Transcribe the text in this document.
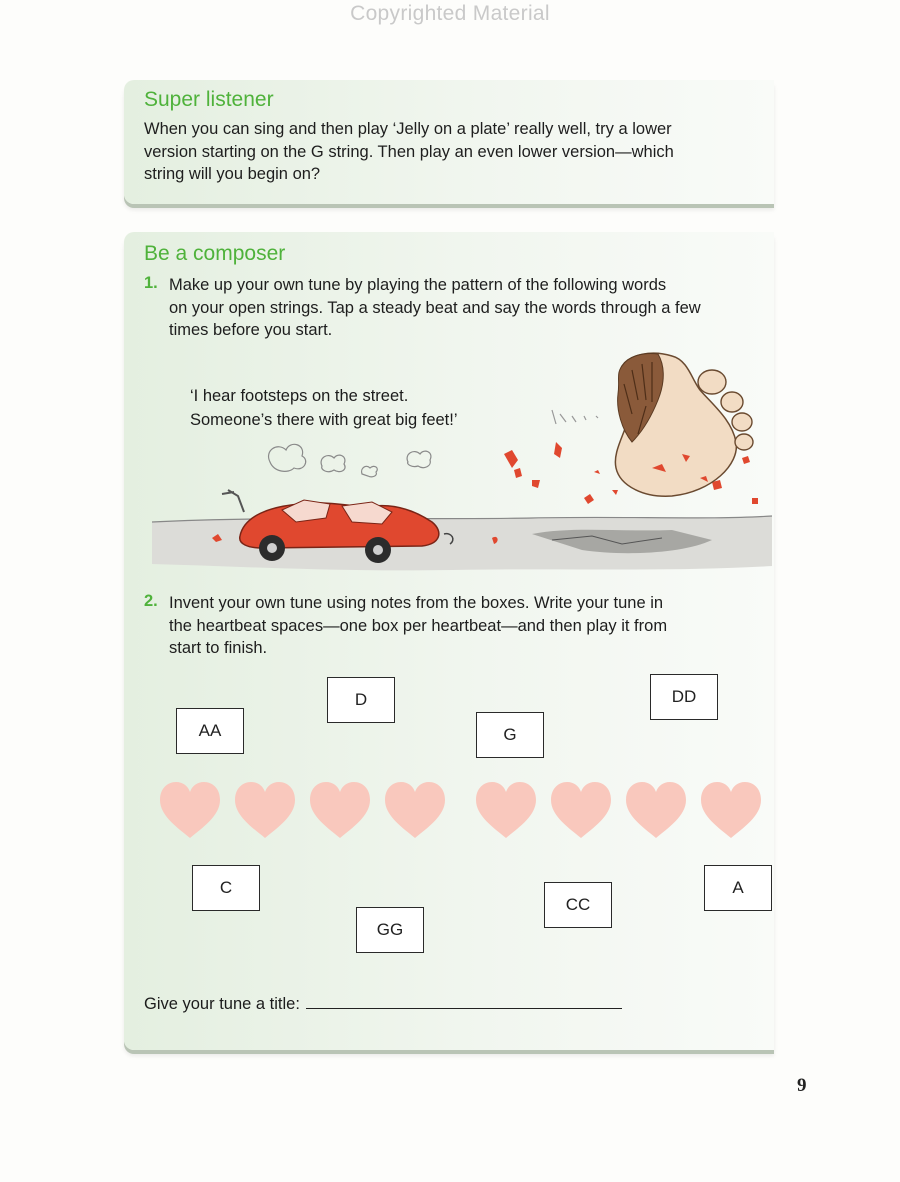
Copyrighted Material
Super listener

When you can sing and then play ‘Jelly on a plate’ really well, try a lower
version starting on the G string. Then play an even lower version—which
string will you begin on?

Be a composer
1. Make up your own tune by playing the pattern of the following words
on your open strings. Tap a steady beat and say the words through a few
times before you start.

‘I hear footsteps on the street.
Someone’s there with great big feet!’

2. Invent your own tune using notes from the boxes. Write your tune in
the heartbeat spaces—one box per heartbeat—and then play it from
start to finish.

AA
D
G
DD
C
GG
CC
A
Give your tune a title:
9
